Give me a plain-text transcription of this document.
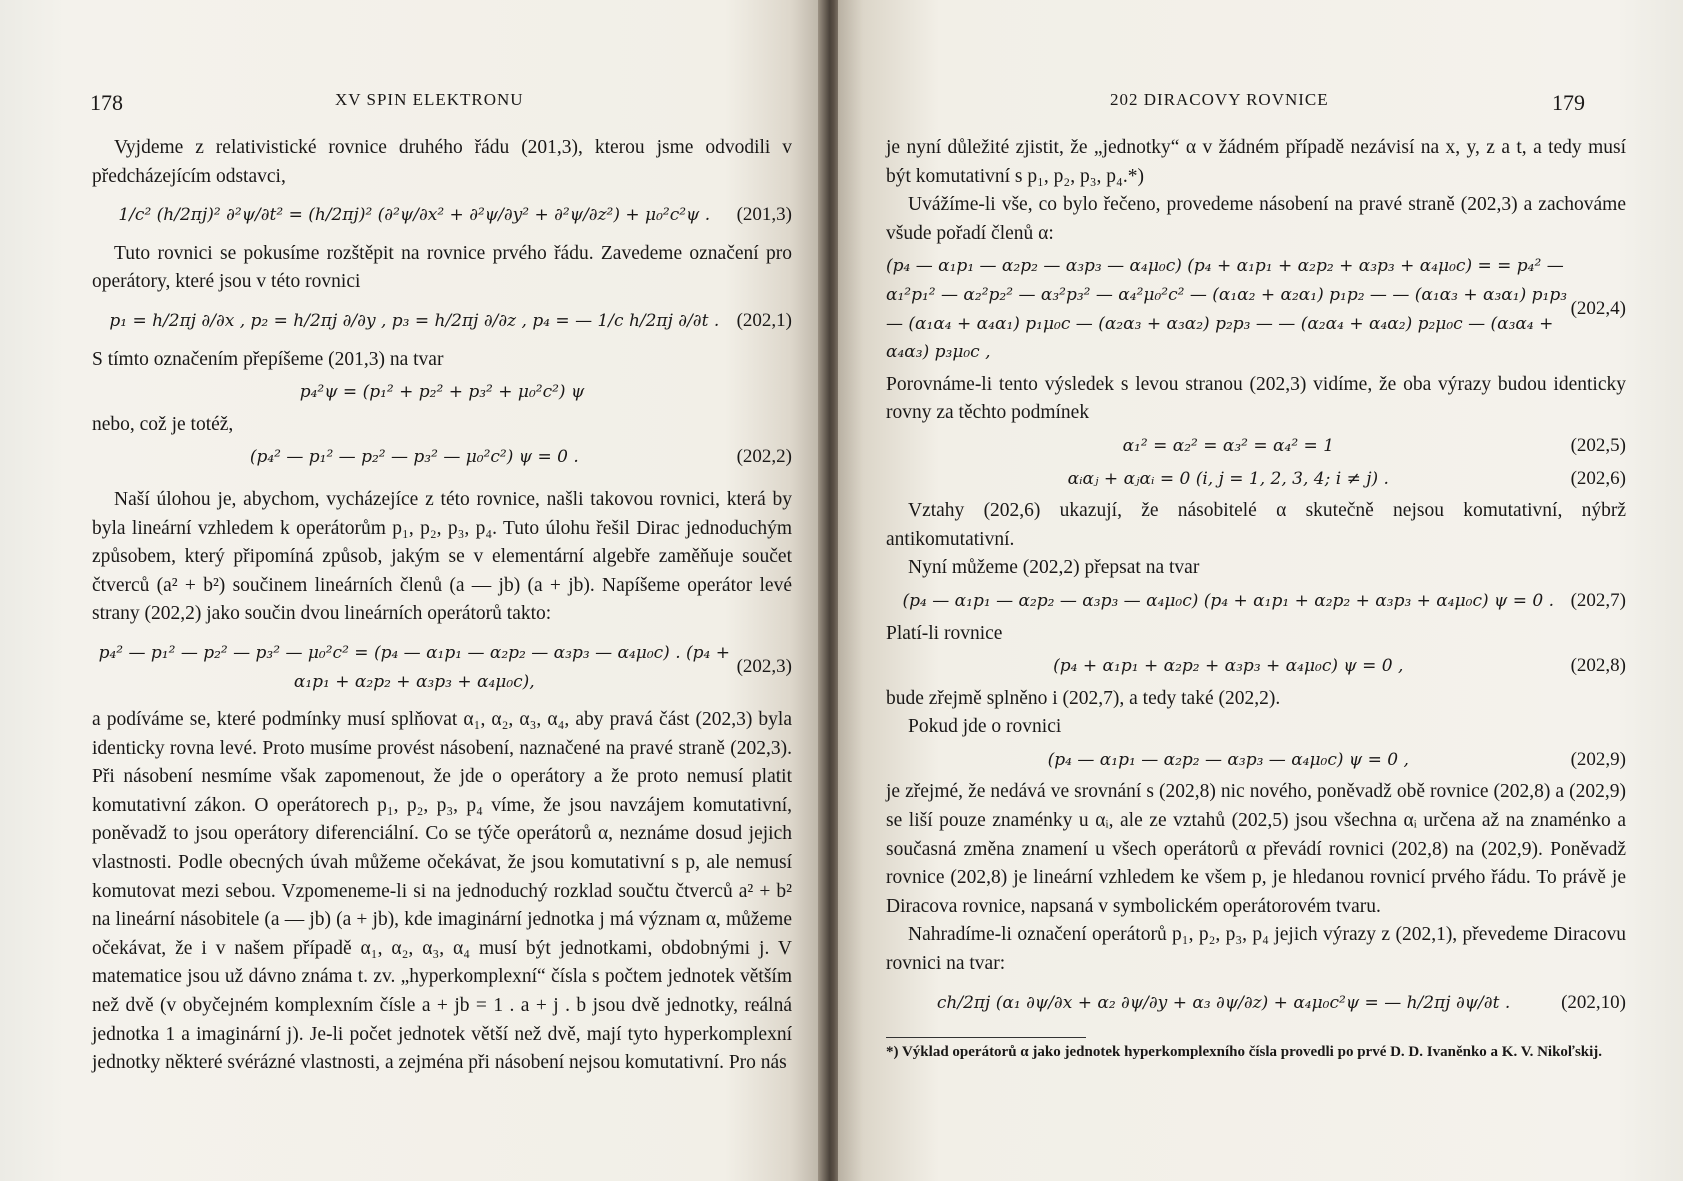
178	XV SPIN ELEKTRONU

Vyjdeme z relativistické rovnice druhého řádu (201,3), kterou jsme odvodili v předcházejícím odstavci,

1/c² (h/2πj)² ∂²ψ/∂t² = (h/2πj)² (∂²ψ/∂x² + ∂²ψ/∂y² + ∂²ψ/∂z²) + μ₀²c²ψ .	(201,3)

Tuto rovnici se pokusíme rozštěpit na rovnice prvého řádu. Zavedeme označení pro operátory, které jsou v této rovnici

p₁ = h/2πj ∂/∂x , p₂ = h/2πj ∂/∂y , p₃ = h/2πj ∂/∂z , p₄ = — 1/c h/2πj ∂/∂t . (202,1)

S tímto označením přepíšeme (201,3) na tvar

p₄²ψ = (p₁² + p₂² + p₃² + μ₀²c²) ψ

nebo, což je totéž,

(p₄² — p₁² — p₂² — p₃² — μ₀²c²) ψ = 0 .	(202,2)

Naší úlohou je, abychom, vycházejíce z této rovnice, našli takovou rovnici, která by byla lineární vzhledem k operátorům p₁, p₂, p₃, p₄. Tuto úlohu řešil Dirac jednoduchým způsobem, který připomíná způsob, jakým se v elementární algebře zaměňuje součet čtverců (a² + b²) součinem lineárních členů (a — jb) (a + jb). Napíšeme operátor levé strany (202,2) jako součin dvou lineárních operátorů takto:

p₄² — p₁² — p₂² — p₃² — μ₀²c² = (p₄ — α₁p₁ — α₂p₂ — α₃p₃ — α₄μ₀c) . (p₄ + α₁p₁ + α₂p₂ + α₃p₃ + α₄μ₀c),
(202,3)

a podíváme se, které podmínky musí splňovat α₁, α₂, α₃, α₄, aby pravá část (202,3) byla identicky rovna levé. Proto musíme provést násobení, naznačené na pravé straně (202,3). Při násobení nesmíme však zapomenout, že jde o operátory a že proto nemusí platit komutativní zákon. O operátorech p₁, p₂, p₃, p₄ víme, že jsou navzájem komutativní, poněvadž to jsou operátory diferenciální. Co se týče operátorů α, neznáme dosud jejich vlastnosti. Podle obecných úvah můžeme očekávat, že jsou komutativní s p, ale nemusí komutovat mezi sebou. Vzpomeneme-li si na jednoduchý rozklad součtu čtverců a² + b² na lineární násobitele (a — jb) (a + jb), kde imaginární jednotka j má význam α, můžeme očekávat, že i v našem případě α₁, α₂, α₃, α₄ musí být jednotkami, obdobnými j. V matematice jsou už dávno známa t. zv. „hyperkomplexní“ čísla s počtem jednotek větším než dvě (v obyčejném komplexním čísle a + jb = 1 . a + j . b jsou dvě jednotky, reálná jednotka 1 a imaginární j). Je-li počet jednotek větší než dvě, mají tyto hyperkomplexní jednotky některé svérázné vlastnosti, a zejména při násobení nejsou komutativní. Pro nás

202 DIRACOVY ROVNICE	179

je nyní důležité zjistit, že „jednotky“ α v žádném případě nezávisí na x, y, z a t, a tedy musí být komutativní s p₁, p₂, p₃, p₄.*)

Uvážíme-li vše, co bylo řečeno, provedeme násobení na pravé straně (202,3) a zachováme všude pořadí členů α:

(p₄ — α₁p₁ — α₂p₂ — α₃p₃ — α₄μ₀c) (p₄ + α₁p₁ + α₂p₂ + α₃p₃ + α₄μ₀c) = = p₄² — α₁²p₁² — α₂²p₂² — α₃²p₃² — α₄²μ₀²c² — (α₁α₂ + α₂α₁) p₁p₂ — — (α₁α₃ + α₃α₁) p₁p₃ — (α₁α₄ + α₄α₁) p₁μ₀c — (α₂α₃ + α₃α₂) p₂p₃ — — (α₂α₄ + α₄α₂) p₂μ₀c — (α₃α₄ + α₄α₃) p₃μ₀c ,
(202,4)

Porovnáme-li tento výsledek s levou stranou (202,3) vidíme, že oba výrazy budou identicky rovny za těchto podmínek

α₁² = α₂² = α₃² = α₄² = 1	(202,5)
αᵢαⱼ + αⱼαᵢ = 0 (i, j = 1, 2, 3, 4; i ≠ j) .	(202,6)

Vztahy (202,6) ukazují, že násobitelé α skutečně nejsou komutativní, nýbrž antikomutativní.

Nyní můžeme (202,2) přepsat na tvar

(p₄ — α₁p₁ — α₂p₂ — α₃p₃ — α₄μ₀c) (p₄ + α₁p₁ + α₂p₂ + α₃p₃ + α₄μ₀c) ψ = 0 . (202,7)

Platí-li rovnice

(p₄ + α₁p₁ + α₂p₂ + α₃p₃ + α₄μ₀c) ψ = 0 ,	(202,8)

bude zřejmě splněno i (202,7), a tedy také (202,2).

Pokud jde o rovnici

(p₄ — α₁p₁ — α₂p₂ — α₃p₃ — α₄μ₀c) ψ = 0 ,	(202,9)

je zřejmé, že nedává ve srovnání s (202,8) nic nového, poněvadž obě rovnice (202,8) a (202,9) se liší pouze znaménky u αᵢ, ale ze vztahů (202,5) jsou všechna αᵢ určena až na znaménko a současná změna znamení u všech operátorů α převádí rovnici (202,8) na (202,9). Poněvadž rovnice (202,8) je lineární vzhledem ke všem p, je hledanou rovnicí prvého řádu. To právě je Diracova rovnice, napsaná v symbolickém operátorovém tvaru.

Nahradíme-li označení operátorů p₁, p₂, p₃, p₄ jejich výrazy z (202,1), převedeme Diracovu rovnici na tvar:

ch/2πj (α₁ ∂ψ/∂x + α₂ ∂ψ/∂y + α₃ ∂ψ/∂z) + α₄μ₀c²ψ = — h/2πj ∂ψ/∂t .	(202,10)

*) Výklad operátorů α jako jednotek hyperkomplexního čísla provedli po prvé D. D. Ivaněnko a K. V. Nikoľskij.
